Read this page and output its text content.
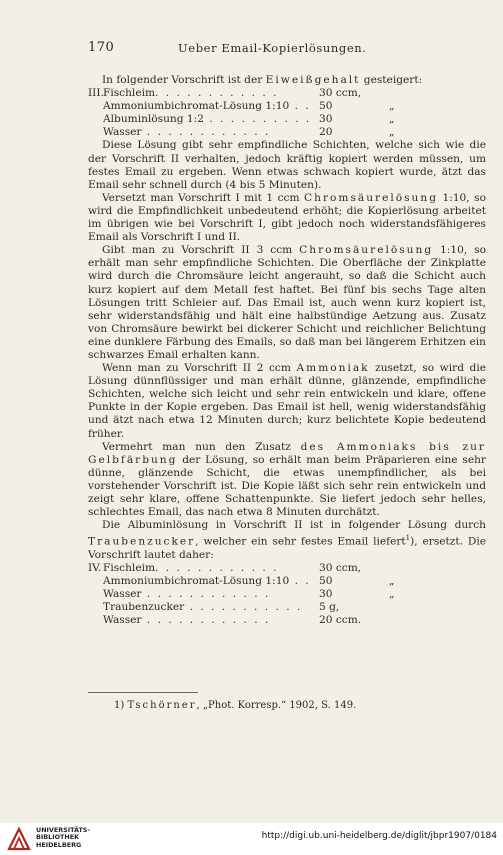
170	Ueber Email-Kopierlösungen.

In folgender Vorschrift ist der Eiweißgehalt gesteigert:

III. Fischleim. . . . . . . . . . . .	30 ccm,
Ammoniumbichromat-Lösung 1:10 . . 50	„
Albuminlösung 1:2 . . . . . . . . . . 30	„
Wasser . . . . . . . . . . . .	20	„

Diese Lösung gibt sehr empfindliche Schichten, welche sich wie die der Vorschrift II verhalten, jedoch kräftig kopiert werden müssen, um festes Email zu ergeben. Wenn etwas schwach kopiert wurde, ätzt das Email sehr schnell durch (4 bis 5 Minuten).

Versetzt man Vorschrift I mit 1 ccm Chromsäurelösung 1:10, so wird die Empfindlichkeit unbedeutend erhöht; die Kopierlösung arbeitet im übrigen wie bei Vorschrift I, gibt jedoch noch widerstandsfähigeres Email als Vorschrift I und II.

Gibt man zu Vorschrift II 3 ccm Chromsäurelösung 1:10, so erhält man sehr empfindliche Schichten. Die Oberfläche der Zinkplatte wird durch die Chromsäure leicht angerauht, so daß die Schicht auch kurz kopiert auf dem Metall fest haftet. Bei fünf bis sechs Tage alten Lösungen tritt Schleier auf. Das Email ist, auch wenn kurz kopiert ist, sehr widerstandsfähig und hält eine halbstündige Aetzung aus. Zusatz von Chromsäure bewirkt bei dickerer Schicht und reichlicher Belichtung eine dunklere Färbung des Emails, so daß man bei längerem Erhitzen ein schwarzes Email erhalten kann.

Wenn man zu Vorschrift II 2 ccm Ammoniak zusetzt, so wird die Lösung dünnflüssiger und man erhält dünne, glänzende, empfindliche Schichten, welche sich leicht und sehr rein entwickeln und klare, offene Punkte in der Kopie ergeben. Das Email ist hell, wenig widerstandsfähig und ätzt nach etwa 12 Minuten durch; kurz belichtete Kopie bedeutend früher.

Vermehrt man nun den Zusatz des Ammoniaks bis zur Gelbfärbung der Lösung, so erhält man beim Präparieren eine sehr dünne, glänzende Schicht, die etwas unempfindlicher, als bei vorstehender Vorschrift ist. Die Kopie läßt sich sehr rein entwickeln und zeigt sehr klare, offene Schattenpunkte. Sie liefert jedoch sehr helles, schlechtes Email, das nach etwa 8 Minuten durchätzt.

Die Albuminlösung in Vorschrift II ist in folgender Lösung durch Traubenzucker, welcher ein sehr festes Email liefert$^1$), ersetzt. Die Vorschrift lautet daher:

IV. Fischleim. . . . . . . . . . . .	30 ccm,
Ammoniumbichromat-Lösung 1:10 . . 50	„
Wasser . . . . . . . . . . . .	30	„
Traubenzucker . . . . . . . . . . .	5 g,
Wasser . . . . . . . . . . . .	20 ccm.
1) Tschörner, „Phot. Korresp.“ 1902, S. 149.
UNIVERSITÄTS-
BIBLIOTHEK
HEIDELBERG
http://digi.ub.uni-heidelberg.de/diglit/jbpr1907/0184
